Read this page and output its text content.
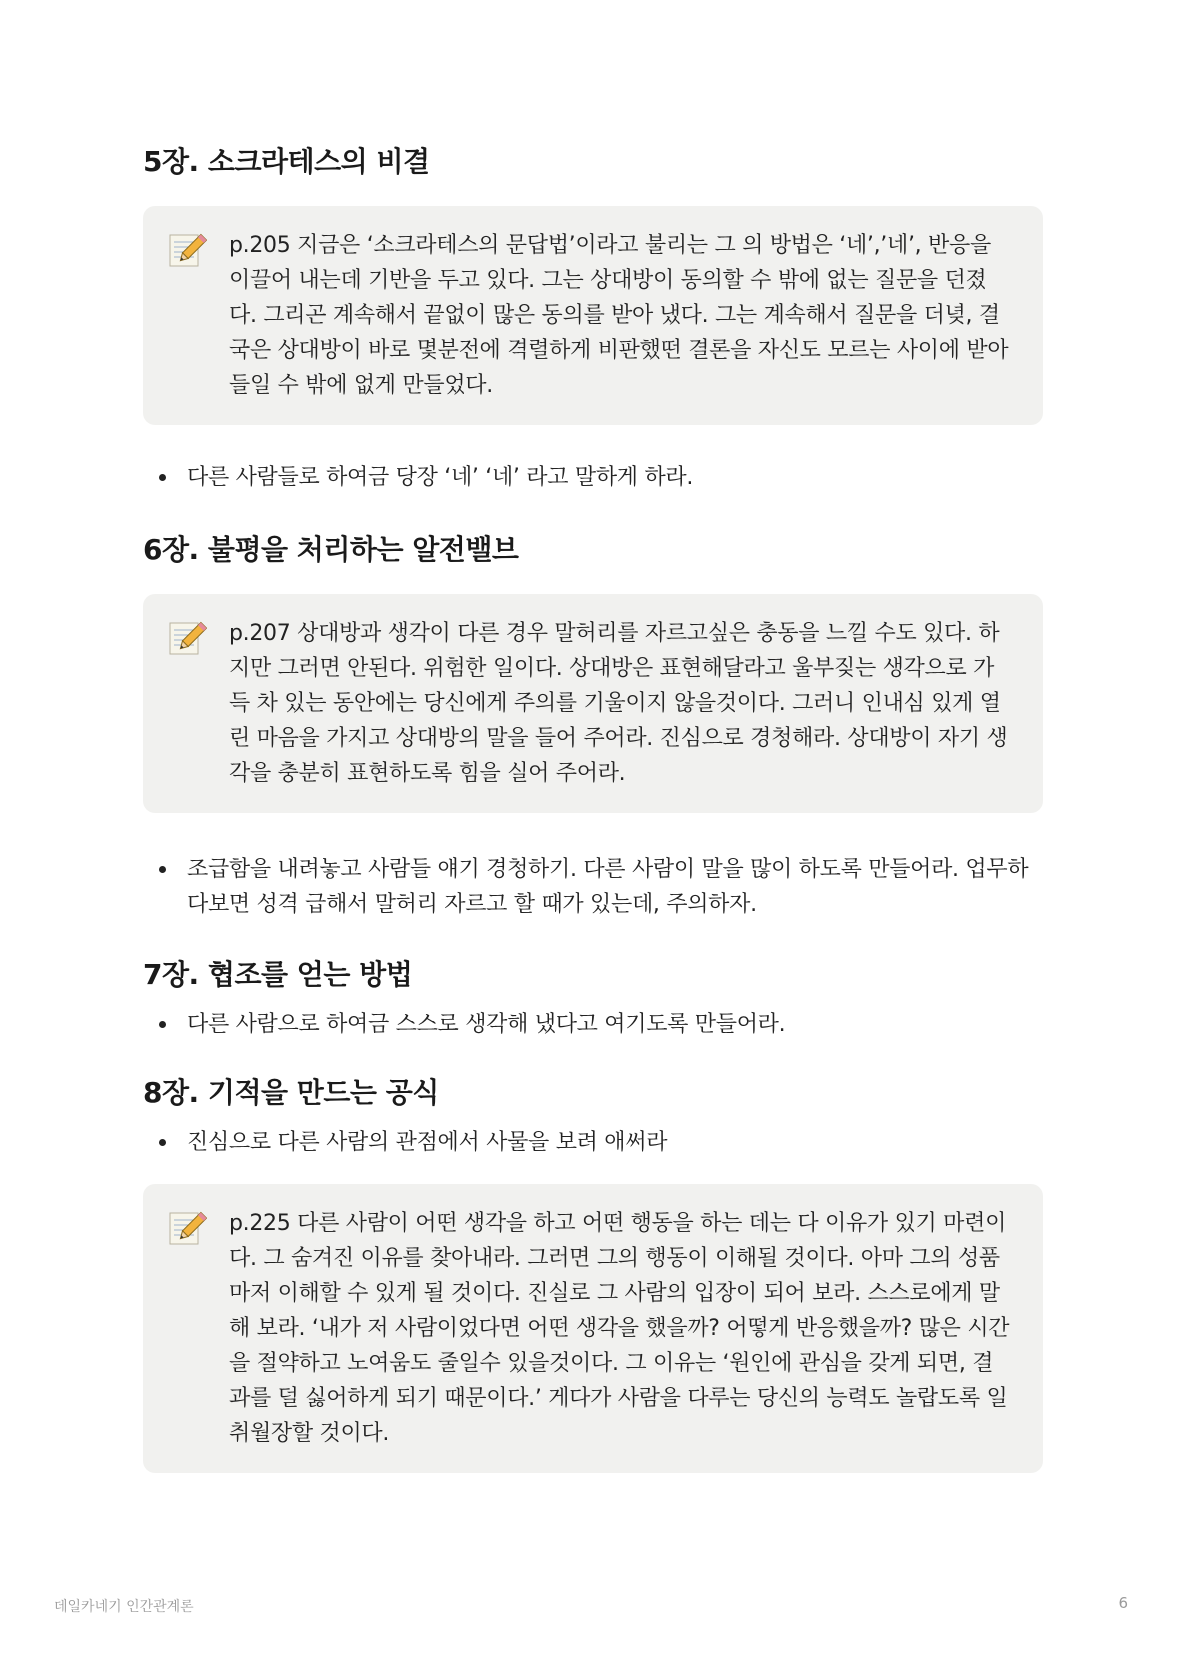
5장. 소크라테스의 비결

p.205 지금은 ‘소크라테스의 문답법’이라고 불리는 그 의 방법은 ‘네’,’네’, 반응을 이끌어 내는데 기반을 두고 있다. 그는 상대방이 동의할 수 밖에 없는 질문을 던졌다. 그리곤 계속해서 끝없이 많은 동의를 받아 냈다. 그는 계속해서 질문을 더녖, 결국은 상대방이 바로 몇분전에 격렬하게 비판했떤 결론을 자신도 모르는 사이에 받아들일 수 밖에 없게 만들었다.

다른 사람들로 하여금 당장 ‘네’ ‘네’ 라고 말하게 하라.
6장. 불평을 처리하는 알전밸브

p.207 상대방과 생각이 다른 경우 말허리를 자르고싶은 충동을 느낄 수도 있다. 하지만 그러면 안된다. 위험한 일이다. 상대방은 표현해달라고 울부짖는 생각으로 가득 차 있는 동안에는 당신에게 주의를 기울이지 않을것이다. 그러니 인내심 있게 열린 마음을 가지고 상대방의 말을 들어 주어라. 진심으로 경청해라. 상대방이 자기 생각을 충분히 표현하도록 힘을 실어 주어라.

조급함을 내려놓고 사람들 얘기 경청하기. 다른 사람이 말을 많이 하도록 만들어라. 업무하다보면 성격 급해서 말허리 자르고 할 때가 있는데, 주의하자.
7장. 협조를 얻는 방법
다른 사람으로 하여금 스스로 생각해 냈다고 여기도록 만들어라.
8장. 기적을 만드는 공식
진심으로 다른 사람의 관점에서 사물을 보려 애써라

p.225 다른 사람이 어떤 생각을 하고 어떤 행동을 하는 데는 다 이유가 있기 마련이다. 그 숨겨진 이유를 찾아내라. 그러면 그의 행동이 이해될 것이다. 아마 그의 성품마저 이해할 수 있게 될 것이다. 진실로 그 사람의 입장이 되어 보라. 스스로에게 말해 보라. ‘내가 저 사람이었다면 어떤 생각을 했을까? 어떻게 반응했을까? 많은 시간을 절약하고 노여움도 줄일수 있을것이다. 그 이유는 ‘원인에 관심을 갖게 되면, 결과를 덜 싫어하게 되기 때문이다.’ 게다가 사람을 다루는 당신의 능력도 놀랍도록 일취월장할 것이다.

데일카네기 인간관계론	6
